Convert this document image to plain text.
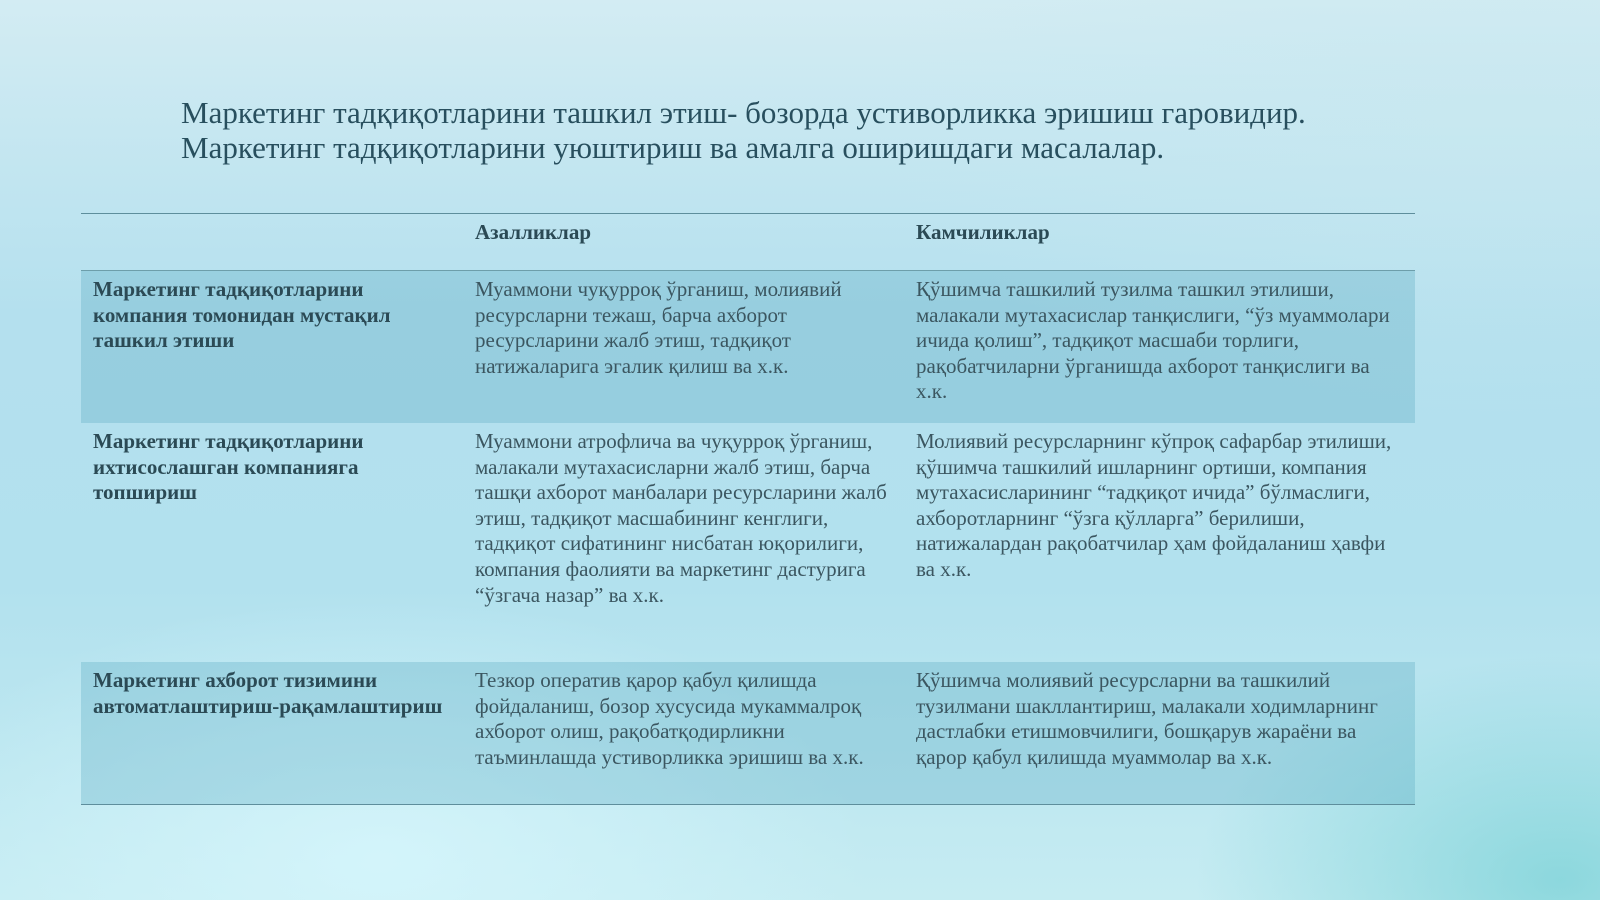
Маркетинг тадқиқотларини ташкил этиш- бозорда устиворликка эришиш гаровидир. Маркетинг тадқиқотларини уюштириш ва амалга оширишдаги масалалар.
Азалликлар	Камчиликлар
Маркетинг тадқиқотларини компания томонидан мустақил ташкил этиши
Муаммони чуқурроқ ўрганиш, молиявий ресурсларни тежаш, барча ахборот ресурсларини жалб этиш, тадқиқот натижаларига эгалик қилиш ва х.к.
Қўшимча ташкилий тузилма ташкил этилиши, малакали мутахасислар танқислиги, “ўз муаммолари ичида қолиш”, тадқиқот масшаби торлиги, рақобатчиларни ўрганишда ахборот танқислиги ва х.к.
Маркетинг тадқиқотларини ихтисослашган компанияга топшириш
Муаммони атрофлича ва чуқурроқ ўрганиш, малакали мутахасисларни жалб этиш, барча ташқи ахборот манбалари ресурсларини жалб этиш, тадқиқот масшабининг кенглиги, тадқиқот сифатининг нисбатан юқорилиги, компания фаолияти ва маркетинг дастурига “ўзгача назар” ва х.к.
Молиявий ресурсларнинг кўпроқ сафарбар этилиши, қўшимча ташкилий ишларнинг ортиши, компания мутахасисларининг “тадқиқот ичида” бўлмаслиги, ахборотларнинг “ўзга қўлларга” берилиши, натижалардан рақобатчилар ҳам фойдаланиш ҳавфи ва х.к.
Маркетинг ахборот тизимини автоматлаштириш-рақамлаштириш
Тезкор оператив қарор қабул қилишда фойдаланиш, бозор хусусида мукаммалроқ ахборот олиш, рақобатқодирликни таъминлашда устиворликка эришиш ва х.к.
Қўшимча молиявий ресурсларни ва ташкилий тузилмани шакллантириш, малакали ходимларнинг дастлабки етишмовчилиги, бошқарув жараёни ва қарор қабул қилишда муаммолар ва х.к.
